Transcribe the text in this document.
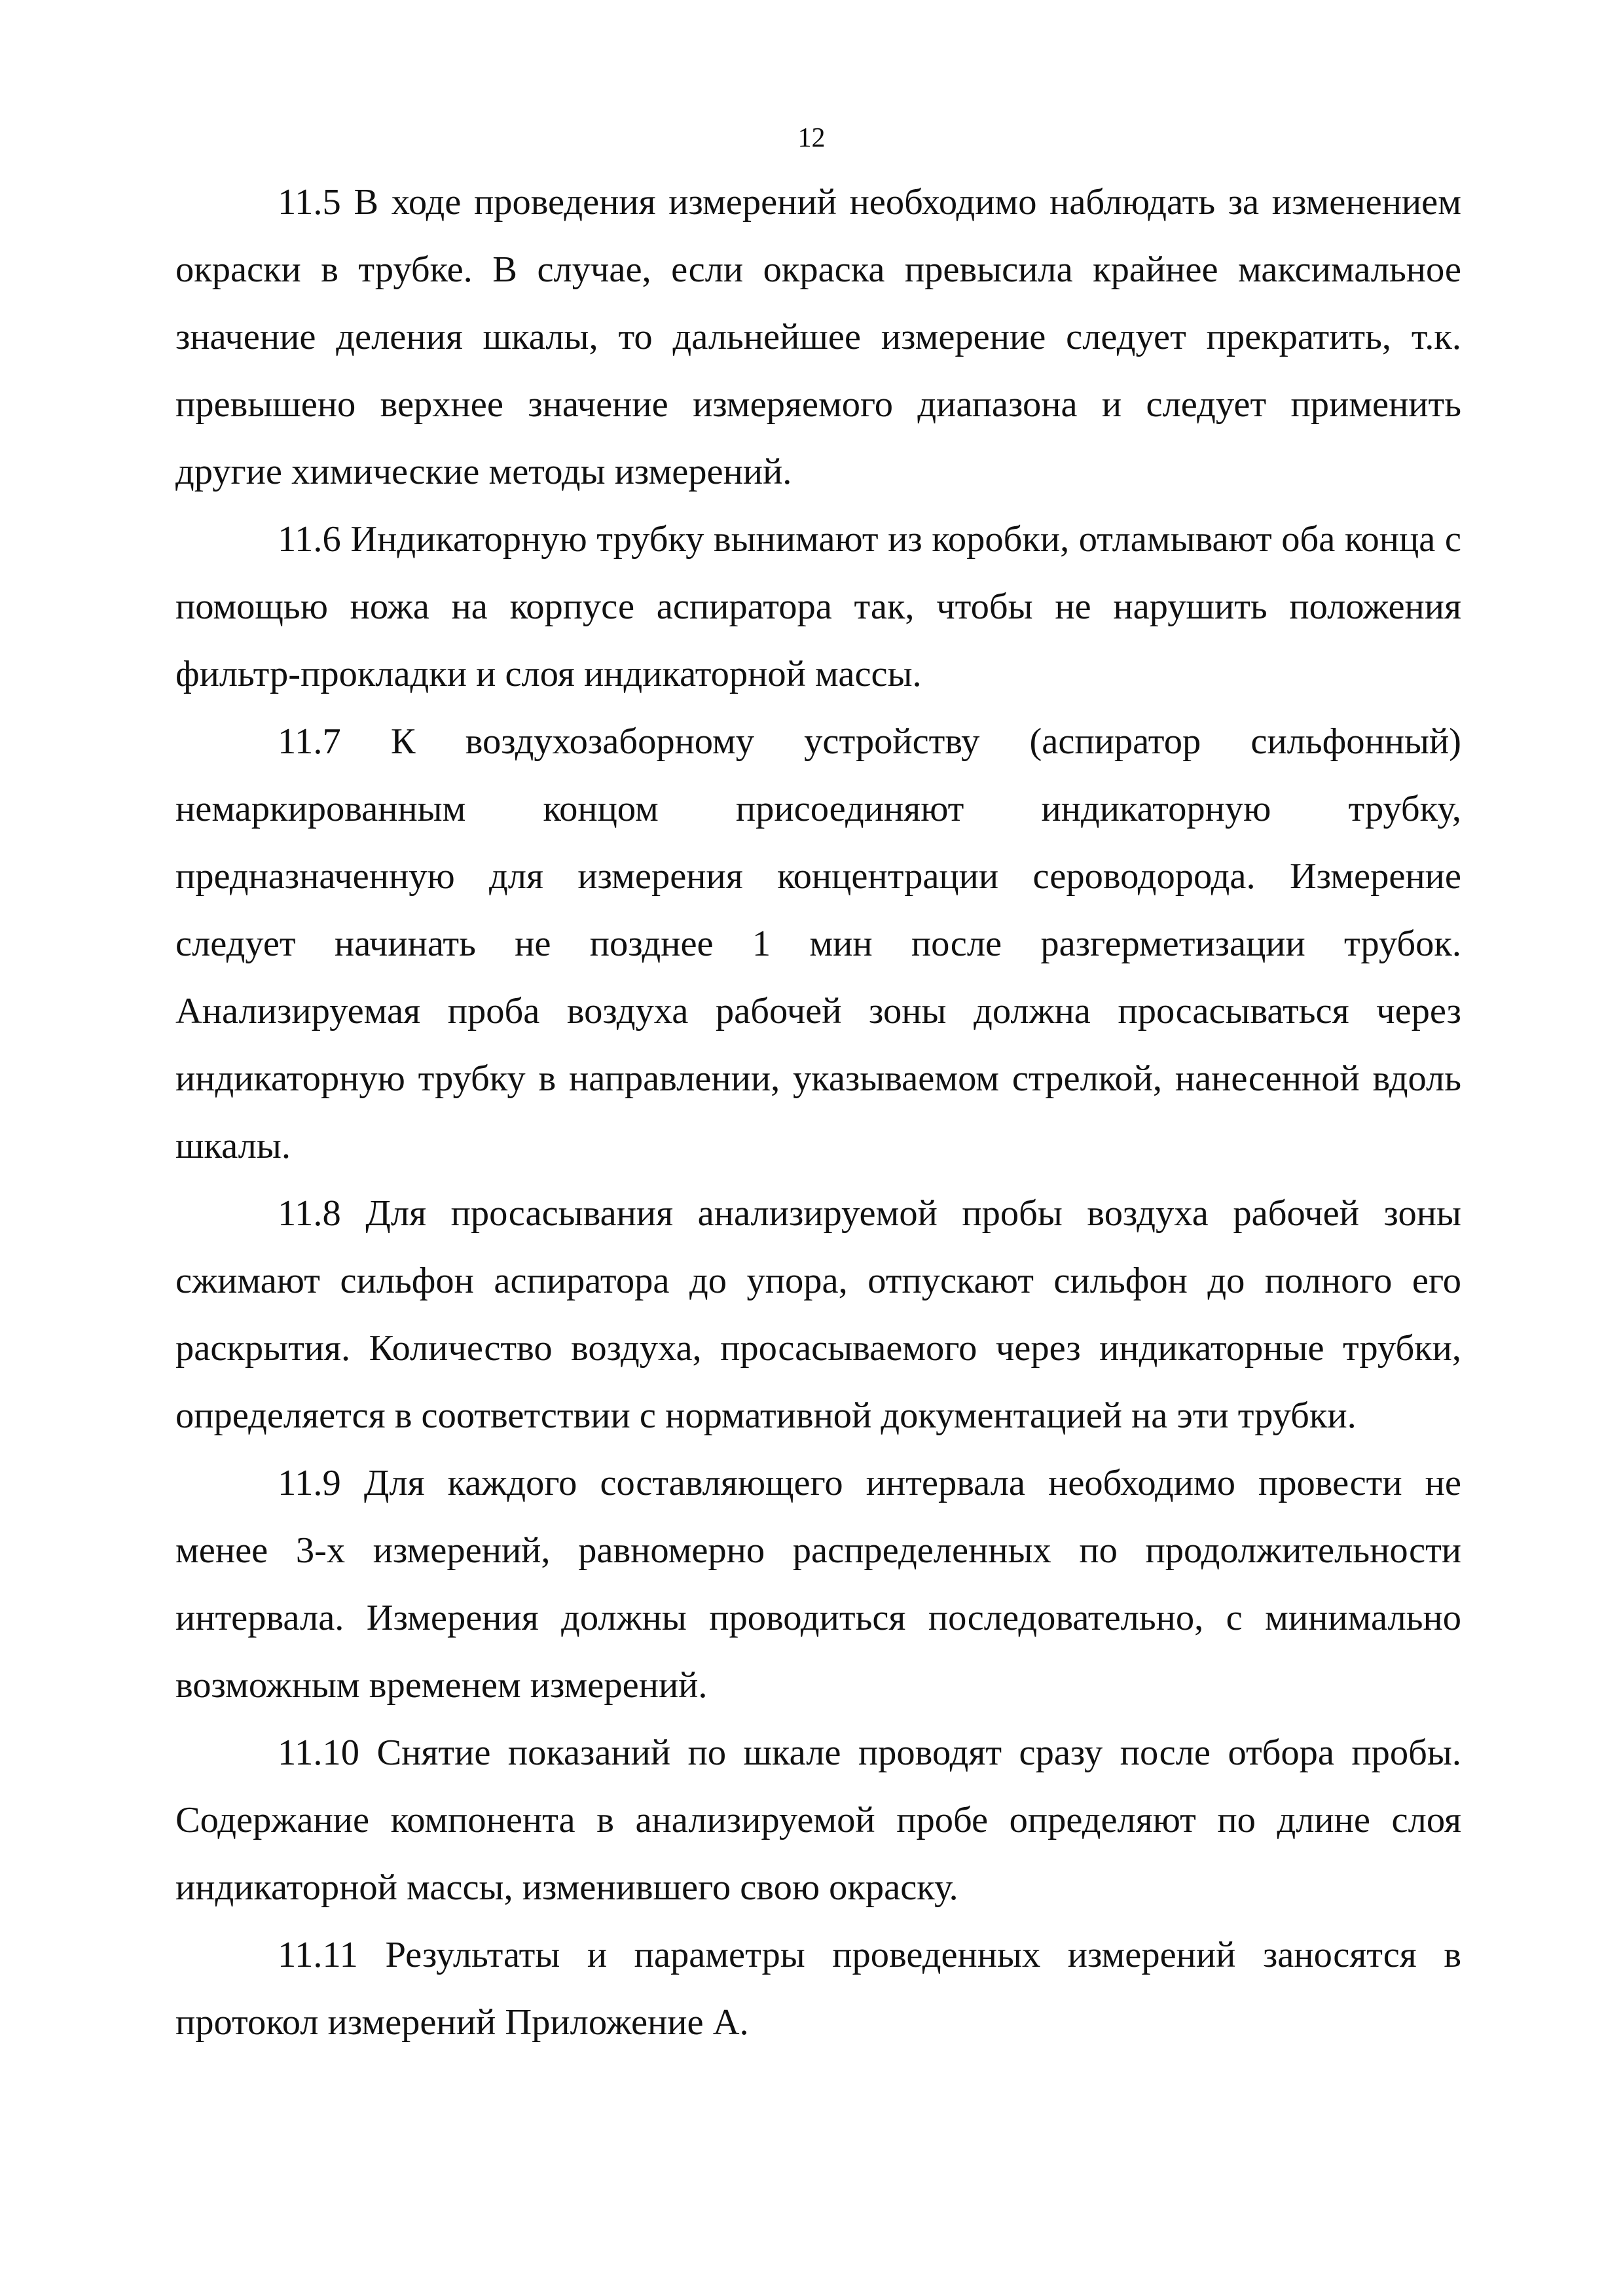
12

11.5 В ходе проведения измерений необходимо наблюдать за изменением окраски в трубке. В случае, если окраска превысила крайнее максимальное значение деления шкалы, то дальнейшее измерение следует прекратить, т.к. превышено верхнее значение измеряемого диапазона и следует применить другие химические методы измерений.

11.6 Индикаторную трубку вынимают из коробки, отламывают оба конца с помощью ножа на корпусе аспиратора так, чтобы не нарушить положения фильтр-прокладки и слоя индикаторной массы.

11.7 К воздухозаборному устройству (аспиратор сильфонный) немаркированным концом присоединяют индикаторную трубку, предназначенную для измерения концентрации сероводорода. Измерение следует начинать не позднее 1 мин после разгерметизации трубок. Анализируемая проба воздуха рабочей зоны должна просасываться через индикаторную трубку в направлении, указываемом стрелкой, нанесенной вдоль шкалы.

11.8 Для просасывания анализируемой пробы воздуха рабочей зоны сжимают сильфон аспиратора до упора, отпускают сильфон до полного его раскрытия. Количество воздуха, просасываемого через индикаторные трубки, определяется в соответствии с нормативной документацией на эти трубки.

11.9 Для каждого составляющего интервала необходимо провести не менее 3-х измерений, равномерно распределенных по продолжительности интервала. Измерения должны проводиться последовательно, с минимально возможным временем измерений.

11.10 Снятие показаний по шкале проводят сразу после отбора пробы. Содержание компонента в анализируемой пробе определяют по длине слоя индикаторной массы, изменившего свою окраску.

11.11 Результаты и параметры проведенных измерений заносятся в протокол измерений Приложение А.
